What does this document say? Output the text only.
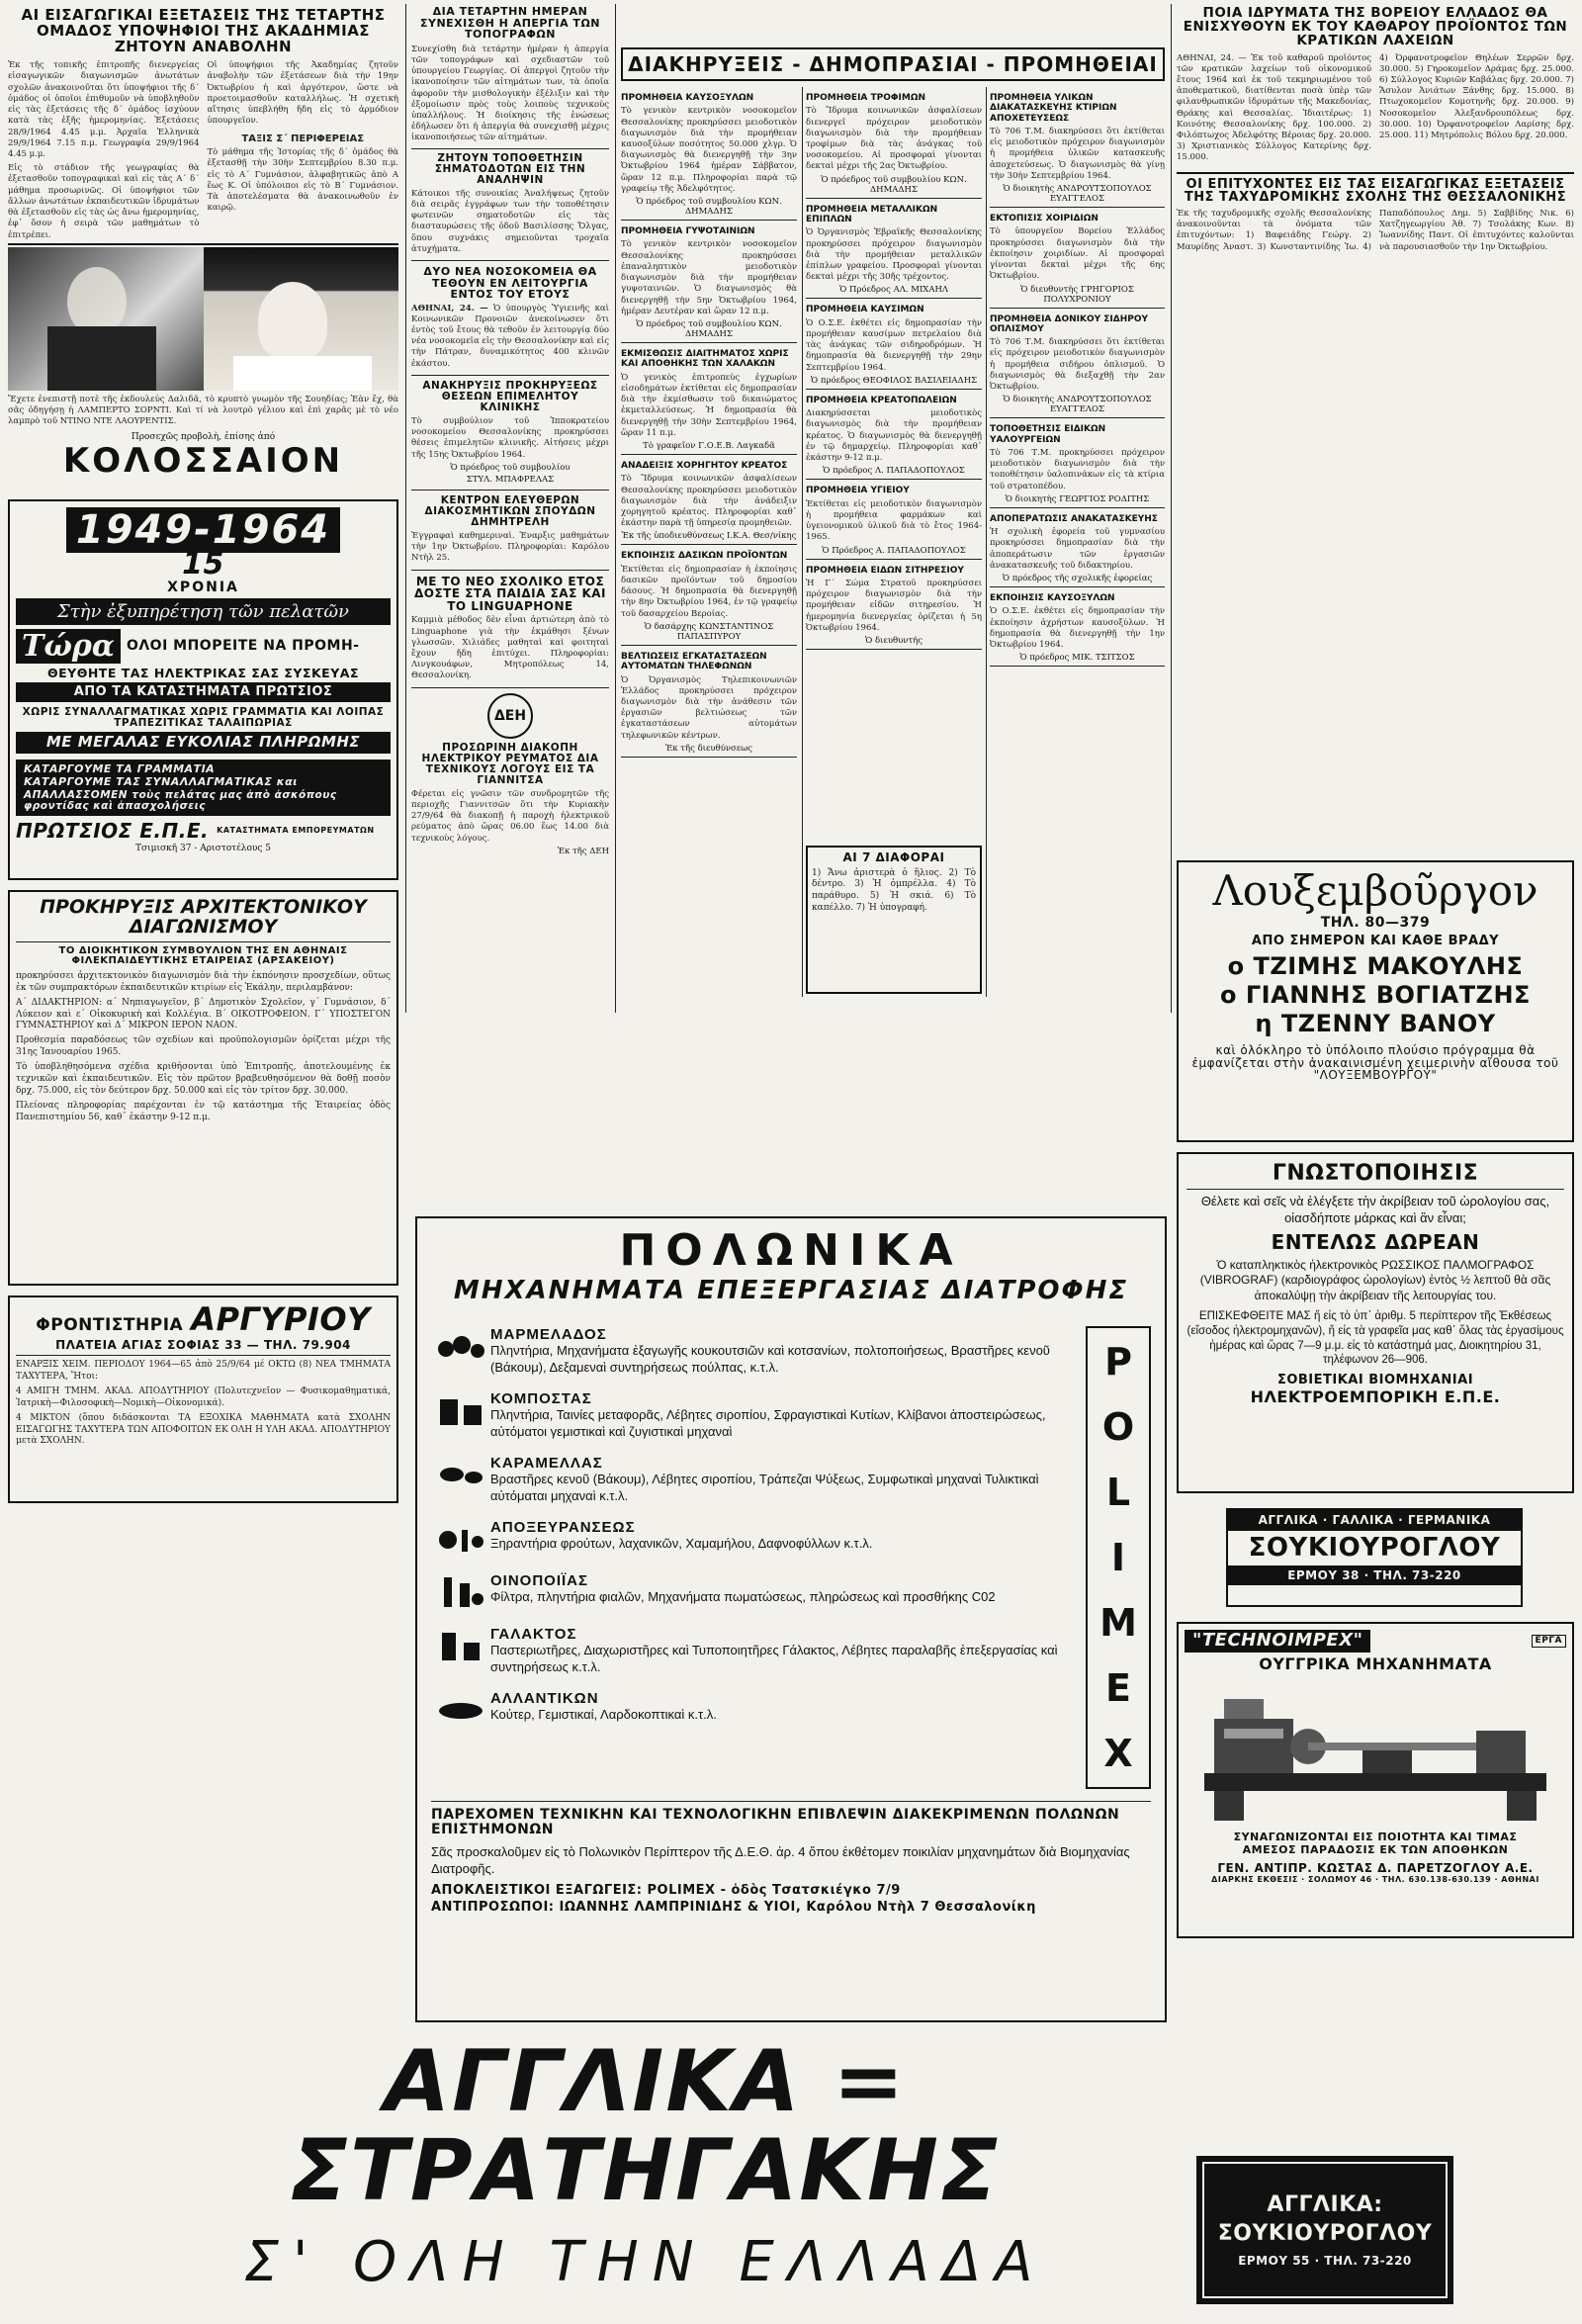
ΑΙ ΕΙΣΑΓΩΓΙΚΑΙ ΕΞΕΤΑΣΕΙΣ ΤΗΣ ΤΕΤΑΡΤΗΣ ΟΜΑΔΟΣ ΥΠΟΨΗΦΙΟΙ ΤΗΣ ΑΚΑΔΗΜΙΑΣ ΖΗΤΟΥΝ ΑΝΑΒΟΛΗΝ

Ἐκ τῆς τοπικῆς ἐπιτροπῆς διενεργείας εἰσαγωγικῶν διαγωνισμῶν ἀνωτάτων σχολῶν ἀνακοινοῦται ὅτι ὑποψήφιοι τῆς δ΄ ὁμάδος οἱ ὁποῖοι ἐπιθυμοῦν νὰ ὑποβληθοῦν εἰς τὰς ἐξετάσεις τῆς δ΄ ὁμάδος ἰσχύουν κατὰ τὰς ἑξῆς ἡμερομηνίας. Ἐξετάσεις 28/9/1964 4.45 μ.μ. Ἀρχαῖα Ἑλληνικὰ 29/9/1964 7.15 π.μ. Γεωγραφία 29/9/1964 4.45 μ.μ.

Εἰς τὸ στάδιον τῆς γεωγραφίας θὰ ἐξετασθοῦν τοπογραφικαὶ καὶ εἰς τὰς Α΄ δ΄ μάθημα προσωρινῶς. Οἱ ὑποψήφιοι τῶν ἄλλων ἀνωτάτων ἐκπαιδευτικῶν ἱδρυμάτων θὰ ἐξετασθοῦν εἰς τὰς ὡς ἄνω ἡμερομηνίας, ἐφ᾽ ὅσον ἡ σειρὰ τῶν μαθημάτων τὸ ἐπιτρέπει.

Οἱ ὑποψήφιοι τῆς Ἀκαδημίας ζητοῦν ἀναβολὴν τῶν ἐξετάσεων διὰ τὴν 19ην Ὀκτωβρίου ἡ καὶ ἀργότερον, ὥστε νὰ προετοιμασθοῦν καταλλήλως. Ἡ σχετικὴ αἴτησις ὑπεβλήθη ἤδη εἰς τὸ ἁρμόδιον ὑπουργεῖον.

ΤΑΞΙΣ Σ΄ ΠΕΡΙΦΕΡΕΙΑΣ

Τὸ μάθημα τῆς Ἱστορίας τῆς δ΄ ὁμάδος θὰ ἐξετασθῇ τὴν 30ὴν Σεπτεμβρίου 8.30 π.μ. εἰς τὸ Α΄ Γυμνάσιον, ἀλφαβητικῶς ἀπὸ Α ἕως Κ. Οἱ ὑπόλοιποι εἰς τὸ Β΄ Γυμνάσιον. Τὰ ἀποτελέσματα θὰ ἀνακοινωθοῦν ἐν καιρῷ.

Ἔχετε ἐνεπιστῇ ποτὲ τῆς ἐκδουλεύς Δαλιδᾶ, τὸ κρυπτὸ γνωμὸν τῆς Σουηδίας; Ἐὰν ἔχ, θὰ σᾶς ὁδηγήσῃ ἡ ΛΑΜΠΕΡΤΟ ΣΟΡΝΤΙ. Καὶ τί νὰ λουτρὸ γέλιου καὶ ἐπὶ χαρᾶς μὲ τὸ νέο λαμπρὸ τοῦ ΝΤΙΝΟ ΝΤΕ ΛΑΟΥΡΕΝΤΙΣ.
Προσεχῶς προβολὴ, ἐπίσης ἀπό
ΚΟΛΟΣΣΑΙΟΝ
1949-1964
15
ΧΡΟΝΙΑ
Στὴν ἐξυπηρέτηση τῶν πελατῶν
Τώρα ΟΛΟΙ ΜΠΟΡΕΙΤΕ ΝΑ ΠΡΟΜΗ-
ΘΕΥΘΗΤΕ ΤΑΣ ΗΛΕΚΤΡΙΚΑΣ ΣΑΣ ΣΥΣΚΕΥΑΣ
ΑΠΟ ΤΑ ΚΑΤΑΣΤΗΜΑΤΑ ΠΡΩΤΣΙΟΣ
ΧΩΡΙΣ ΣΥΝΑΛΛΑΓΜΑΤΙΚΑΣ ΧΩΡΙΣ ΓΡΑΜΜΑΤΙΑ ΚΑΙ ΛΟΙΠΑΣ ΤΡΑΠΕΖΙΤΙΚΑΣ ΤΑΛΑΙΠΩΡΙΑΣ
ΜΕ ΜΕΓΑΛΑΣ ΕΥΚΟΛΙΑΣ ΠΛΗΡΩΜΗΣ
ΚΑΤΑΡΓΟΥΜΕ ΤΑ ΓΡΑΜΜΑΤΙΑ
ΚΑΤΑΡΓΟΥΜΕ ΤΑΣ ΣΥΝΑΛΛΑΓΜΑΤΙΚΑΣ και
ΑΠΑΛΛΑΣΣΟΜΕΝ τοὺς πελάτας μας ἀπὸ ἀσκόπους φροντίδας καὶ ἀπασχολήσεις
ΠΡΩΤΣΙΟΣ Ε.Π.Ε. ΚΑΤΑΣΤΗΜΑΤΑ ΕΜΠΟΡΕΥΜΑΤΩΝ
Τσιμισκῆ 37 - Αριστοτέλους 5
ΠΡΟΚΗΡΥΞΙΣ ΑΡΧΙΤΕΚΤΟΝΙΚΟΥ ΔΙΑΓΩΝΙΣΜΟΥ
ΤΟ ΔΙΟΙΚΗΤΙΚΟΝ ΣΥΜΒΟΥΛΙΟΝ ΤΗΣ ΕΝ ΑΘΗΝΑΙΣ ΦΙΛΕΚΠΑΙΔΕΥΤΙΚΗΣ ΕΤΑΙΡΕΙΑΣ (ΑΡΣΑΚΕΙΟΥ)

προκηρύσσει ἀρχιτεκτονικὸν διαγωνισμὸν διὰ τὴν ἐκπόνησιν προσχεδίων, οὕτως ἐκ τῶν συμπρακτόρων ἐκπαιδευτικῶν κτιρίων εἰς Ἑκάλην, περιλαμβάνον:

Α΄ ΔΙΔΑΚΤΗΡΙΟΝ: α΄ Νηπιαγωγεῖον, β΄ Δημοτικὸν Σχολεῖον, γ΄ Γυμνάσιον, δ΄ Λύκειον καὶ ε΄ Οἰκοκυρικὴ καὶ Κολλέγια. Β΄ ΟΙΚΟΤΡΟΦΕΙΟΝ. Γ΄ ΥΠΟΣΤΕΓΟΝ ΓΥΜΝΑΣΤΗΡΙΟΥ καὶ Δ΄ ΜΙΚΡΟΝ ΙΕΡΟΝ ΝΑΟΝ.

Προθεσμία παραδόσεως τῶν σχεδίων καὶ προϋπολογισμῶν ὁρίζεται μέχρι τῆς 31ης Ἰανουαρίου 1965.

Τὸ ὑποβληθησόμενα σχέδια κριθήσονται ὑπὸ Ἐπιτροπῆς, ἀποτελουμένης ἐκ τεχνικῶν καὶ ἐκπαιδευτικῶν. Εἰς τὸν πρῶτον βραβευθησόμενον θὰ δοθῇ ποσὸν δρχ. 75.000, εἰς τὸν δεύτερον δρχ. 50.000 καὶ εἰς τὸν τρίτον δρχ. 30.000.

Πλείονας πληροφορίας παρέχονται ἐν τῷ κατάστημα τῆς Ἑταιρείας ὁδὸς Πανεπιστημίου 56, καθ᾽ ἑκάστην 9-12 π.μ.

ΦΡΟΝΤΙΣΤΗΡΙΑ ΑΡΓΥΡΙΟΥ
ΠΛΑΤΕΙΑ ΑΓΙΑΣ ΣΟΦΙΑΣ 33 — ΤΗΛ. 79.904

ΕΝΑΡΞΙΣ ΧΕΙΜ. ΠΕΡΙΟΔΟΥ 1964—65 ἀπὸ 25/9/64 μέ ΟΚΤΩ (8) ΝΕΑ ΤΜΗΜΑΤΑ ΤΑΧΥΤΕΡΑ, Ἤτοι:

4 ΑΜΙΓΗ ΤΜΗΜ. ΑΚΑΔ. ΑΠΟΔΥΤΗΡΙΟΥ (Πολυτεχνεῖον — Φυσικομαθηματικά, Ἰατρικὴ—Φιλοσοφικὴ—Νομικὴ—Οἰκονομικά).

4 ΜΙΚΤΟΝ (ὅπου διδάσκονται ΤΑ ΕΞΟΧΙΚΑ ΜΑΘΗΜΑΤΑ κατὰ ΣΧΟΛΗΝ ΕΙΣΑΓΩΓΗΣ ΤΑΧΥΤΕΡΑ ΤΩΝ ΑΠΟΦΟΙΤΩΝ ΕΚ ΟΛΗ Η ΥΛΗ ΑΚΑΔ. ΑΠΟΔΥΤΗΡΙΟΥ μετὰ ΣΧΟΛΗΝ.

ΔΙΑ ΤΕΤΑΡΤΗΝ ΗΜΕΡΑΝ ΣΥΝΕΧΙΣΘΗ Η ΑΠΕΡΓΙΑ ΤΩΝ ΤΟΠΟΓΡΑΦΩΝ
Συνεχίσθη διὰ τετάρτην ἡμέραν ἡ ἀπεργία τῶν τοπογράφων καὶ σχεδιαστῶν τοῦ ὑπουργείου Γεωργίας. Οἱ ἀπεργοὶ ζητοῦν τὴν ἱκανοποίησιν τῶν αἰτημάτων των, τὰ ὁποῖα ἀφοροῦν τὴν μισθολογικὴν ἐξέλιξιν καὶ τὴν ἐξομοίωσιν πρὸς τοὺς λοιποὺς τεχνικοὺς ὑπαλλήλους. Ἡ διοίκησις τῆς ἑνώσεως ἐδήλωσεν ὅτι ἡ ἀπεργία θὰ συνεχισθῇ μέχρις ἱκανοποιήσεως τῶν αἰτημάτων.
ΖΗΤΟΥΝ ΤΟΠΟΘΕΤΗΣΙΝ ΣΗΜΑΤΟΔΟΤΩΝ ΕΙΣ ΤΗΝ ΑΝΑΛΗΨΙΝ
Κάτοικοι τῆς συνοικίας Ἀναλήψεως ζητοῦν διὰ σειρᾶς ἐγγράφων των τὴν τοποθέτησιν φωτεινῶν σηματοδοτῶν εἰς τὰς διασταυρώσεις τῆς ὁδοῦ Βασιλίσσης Ὄλγας, ὅπου συχνάκις σημειοῦνται τροχαῖα ἀτυχήματα.
ΔΥΟ ΝΕΑ ΝΟΣΟΚΟΜΕΙΑ ΘΑ ΤΕΘΟΥΝ ΕΝ ΛΕΙΤΟΥΡΓΙΑ ΕΝΤΟΣ ΤΟΥ ΕΤΟΥΣ
ΑΘΗΝΑΙ, 24. — Ὁ ὑπουργὸς Ὑγιεινῆς καὶ Κοινωνικῶν Προνοιῶν ἀνεκοίνωσεν ὅτι ἐντὸς τοῦ ἔτους θὰ τεθοῦν ἐν λειτουργίᾳ δύο νέα νοσοκομεῖα εἰς τὴν Θεσσαλονίκην καὶ εἰς τὴν Πάτραν, δυναμικότητος 400 κλινῶν ἑκάστου.
ΑΝΑΚΗΡΥΞΙΣ ΠΡΟΚΗΡΥΞΕΩΣ ΘΕΣΕΩΝ ΕΠΙΜΕΛΗΤΟΥ ΚΛΙΝΙΚΗΣ
Τὸ συμβούλιον τοῦ Ἰπποκρατείου νοσοκομείου Θεσσαλονίκης προκηρύσσει θέσεις ἐπιμελητῶν κλινικῆς. Αἰτήσεις μέχρι τῆς 15ης Ὀκτωβρίου 1964.
Ὁ πρόεδρος τοῦ συμβουλίου
ΣΤΥΛ. ΜΠΑΦΡΕΛΑΣ
ΚΕΝΤΡΟΝ ΕΛΕΥΘΕΡΩΝ ΔΙΑΚΟΣΜΗΤΙΚΩΝ ΣΠΟΥΔΩΝ ΔΗΜΗΤΡΕΛΗ
Ἐγγραφαὶ καθημεριναὶ. Ἐναρξις μαθημάτων τὴν 1ην Ὀκτωβρίου. Πληροφορίαι: Καρόλου Ντὴλ 25.
ΜΕ ΤΟ ΝΕΟ ΣΧΟΛΙΚΟ ΕΤΟΣ ΔΟΣΤΕ ΣΤΑ ΠΑΙΔΙΑ ΣΑΣ ΚΑΙ ΤΟ LINGUAPHONE
Καμμιὰ μέθοδος δὲν εἶναι ἀρτιώτερη ἀπὸ τὸ Linguaphone γιὰ τὴν ἐκμάθησι ξένων γλωσσῶν. Χιλιάδες μαθηταὶ καὶ φοιτηταὶ ἔχουν ἤδη ἐπιτύχει. Πληροφορίαι: Λινγκουάφων, Μητροπόλεως 14, Θεσσαλονίκη.
ΔΕΗ
ΠΡΟΣΩΡΙΝΗ ΔΙΑΚΟΠΗ ΗΛΕΚΤΡΙΚΟΥ ΡΕΥΜΑΤΟΣ ΔΙΑ ΤΕΧΝΙΚΟΥΣ ΛΟΓΟΥΣ ΕΙΣ ΤΑ ΓΙΑΝΝΙΤΣΑ
Φέρεται εἰς γνῶσιν τῶν συνδρομητῶν τῆς περιοχῆς Γιαννιτσῶν ὅτι τὴν Κυριακὴν 27/9/64 θὰ διακοπῇ ἡ παροχὴ ἠλεκτρικοῦ ρεύματος ἀπὸ ὥρας 06.00 ἕως 14.00 διὰ τεχνικοὺς λόγους.
Ἐκ τῆς ΔΕΗ
ΔΙΑΚΗΡΥΞΕΙΣ - ΔΗΜΟΠΡΑΣΙΑΙ - ΠΡΟΜΗΘΕΙΑΙ
ΠΡΟΜΗΘΕΙΑ ΚΑΥΣΟΞΥΛΩΝ
Τὸ γενικὸν κεντρικὸν νοσοκομεῖον Θεσσαλονίκης προκηρύσσει μειοδοτικὸν διαγωνισμὸν διὰ τὴν προμήθειαν καυσοξύλων ποσότητος 50.000 χλγρ. Ὁ διαγωνισμὸς θὰ διενεργηθῇ τὴν 3ην Ὀκτωβρίου 1964 ἡμέραν Σάββατον, ὥραν 12 π.μ. Πληροφορίαι παρὰ τῷ γραφείῳ τῆς Ἀδελφότητος.
Ὁ πρόεδρος τοῦ συμβουλίου ΚΩΝ. ΔΗΜΑΔΗΣ
ΠΡΟΜΗΘΕΙΑ ΓΥΨΟΤΑΙΝΙΩΝ
Τὸ γενικὸν κεντρικὸν νοσοκομεῖον Θεσσαλονίκης προκηρύσσει ἐπαναληπτικὸν μειοδοτικὸν διαγωνισμὸν διὰ τὴν προμήθειαν γυψοταινιῶν. Ὁ διαγωνισμὸς θὰ διενεργηθῇ τὴν 5ην Ὀκτωβρίου 1964, ἡμέραν Δευτέραν καὶ ὥραν 12 π.μ.
Ὁ πρόεδρος τοῦ συμβουλίου ΚΩΝ. ΔΗΜΑΔΗΣ
ΕΚΜΙΣΘΩΣΙΣ ΔΙΑΙΤΗΜΑΤΟΣ ΧΩΡΙΣ ΚΑΙ ΑΠΟΘΗΚΗΣ ΤΩΝ ΧΑΛΑΚΩΝ
Ὁ γενικὸς ἐπιτροπεὺς ἐγχωρίων εἰσοδημάτων ἐκτίθεται εἰς δημοπρασίαν διὰ τὴν ἐκμίσθωσιν τοῦ δικαιώματος ἐκμεταλλεύσεως. Ἡ δημοπρασία θὰ διενεργηθῇ τὴν 30ὴν Σεπτεμβρίου 1964, ὥραν 11 π.μ.
Τὸ γραφεῖον Γ.Ο.Ε.Β. Λαγκαδᾶ
ΑΝΑΔΕΙΞΙΣ ΧΟΡΗΓΗΤΟΥ ΚΡΕΑΤΟΣ
Τὸ Ἵδρυμα κοινωνικῶν ἀσφαλίσεων Θεσσαλονίκης προκηρύσσει μειοδοτικὸν διαγωνισμὸν διὰ τὴν ἀνάδειξιν χορηγητοῦ κρέατος. Πληροφορίαι καθ᾽ ἑκάστην παρὰ τῇ ὑπηρεσίᾳ προμηθειῶν.
Ἐκ τῆς ὑποδιευθύνσεως Ι.Κ.Α. Θεσ/νίκης
ΕΚΠΟΙΗΣΙΣ ΔΑΣΙΚΩΝ ΠΡΟΪΟΝΤΩΝ
Ἐκτίθεται εἰς δημοπρασίαν ἡ ἐκποίησις δασικῶν προϊόντων τοῦ δημοσίου δάσους. Ἡ δημοπρασία θὰ διενεργηθῇ τὴν 8ην Ὀκτωβρίου 1964, ἐν τῷ γραφείῳ τοῦ δασαρχείου Βεροίας.
Ὁ δασάρχης ΚΩΝΣΤΑΝΤΙΝΟΣ ΠΑΠΑΣΠΥΡΟΥ
ΒΕΛΤΙΩΣΕΙΣ ΕΓΚΑΤΑΣΤΑΣΕΩΝ ΑΥΤΟΜΑΤΩΝ ΤΗΛΕΦΩΝΩΝ
Ὁ Ὀργανισμὸς Τηλεπικοινωνιῶν Ἑλλάδος προκηρύσσει πρόχειρον διαγωνισμὸν διὰ τὴν ἀνάθεσιν τῶν ἐργασιῶν βελτιώσεως τῶν ἐγκαταστάσεων αὐτομάτων τηλεφωνικῶν κέντρων.
Ἐκ τῆς διευθύνσεως
ΠΡΟΜΗΘΕΙΑ ΤΡΟΦΙΜΩΝ
Τὸ Ἵδρυμα κοινωνικῶν ἀσφαλίσεων διενεργεῖ πρόχειρον μειοδοτικὸν διαγωνισμὸν διὰ τὴν προμήθειαν τροφίμων διὰ τὰς ἀνάγκας τοῦ νοσοκομείου. Αἱ προσφοραὶ γίνονται δεκταὶ μέχρι τῆς 2ας Ὀκτωβρίου.
Ὁ πρόεδρος τοῦ συμβουλίου ΚΩΝ. ΔΗΜΑΔΗΣ
ΠΡΟΜΗΘΕΙΑ ΜΕΤΑΛΛΙΚΩΝ ΕΠΙΠΛΩΝ
Ὁ Ὀργανισμὸς Ἑβραϊκῆς Θεσσαλονίκης προκηρύσσει πρόχειρον διαγωνισμὸν διὰ τὴν προμήθειαν μεταλλικῶν ἐπίπλων γραφείου. Προσφοραὶ γίνονται δεκταὶ μέχρι τῆς 30ῆς τρέχοντος.
Ὁ Πρόεδρος ΑΛ. ΜΙΧΑΗΛ
ΠΡΟΜΗΘΕΙΑ ΚΑΥΣΙΜΩΝ
Ὁ Ο.Σ.Ε. ἐκθέτει εἰς δημοπρασίαν τὴν προμήθειαν καυσίμων πετρελαίου διὰ τὰς ἀνάγκας τῶν σιδηροδρόμων. Ἡ δημοπρασία θὰ διενεργηθῇ τὴν 29ην Σεπτεμβρίου 1964.
Ὁ πρόεδρος ΘΕΟΦΙΛΟΣ ΒΑΣΙΛΕΙΑΔΗΣ
ΠΡΟΜΗΘΕΙΑ ΚΡΕΑΤΟΠΩΛΕΙΩΝ
Διακηρύσσεται μειοδοτικὸς διαγωνισμὸς διὰ τὴν προμήθειαν κρέατος. Ὁ διαγωνισμὸς θὰ διενεργηθῇ ἐν τῷ δημαρχείῳ. Πληροφορίαι καθ᾽ ἑκάστην 9-12 π.μ.
Ὁ πρόεδρος Λ. ΠΑΠΑΔΟΠΟΥΛΟΣ
ΠΡΟΜΗΘΕΙΑ ΥΓΙΕΙΟΥ
Ἐκτίθεται εἰς μειοδοτικὸν διαγωνισμὸν ἡ προμήθεια φαρμάκων καὶ ὑγειονομικοῦ ὑλικοῦ διὰ τὸ ἔτος 1964-1965.
Ὁ Πρόεδρος Α. ΠΑΠΑΔΟΠΟΥΛΟΣ
ΠΡΟΜΗΘΕΙΑ ΕΙΔΩΝ ΣΙΤΗΡΕΣΙΟΥ
Ἡ Γ΄ Σώμα Στρατοῦ προκηρύσσει πρόχειρον διαγωνισμὸν διὰ τὴν προμήθειαν εἰδῶν σιτηρεσίου. Ἡ ἡμερομηνία διενεργείας ὁρίζεται ἡ 5η Ὀκτωβρίου 1964.
Ὁ διευθυντής
ΠΡΟΜΗΘΕΙΑ ΥΛΙΚΩΝ ΔΙΑΚΑΤΑΣΚΕΥΗΣ ΚΤΙΡΙΩΝ ΑΠΟΧΕΤΕΥΣΕΩΣ
Τὸ 706 Τ.Μ. διακηρύσσει ὅτι ἐκτίθεται εἰς μειοδοτικὸν πρόχειρον διαγωνισμὸν ἡ προμήθεια ὑλικῶν κατασκευῆς ἀποχετεύσεως. Ὁ διαγωνισμὸς θὰ γίνῃ τὴν 30ὴν Σεπτεμβρίου 1964.
Ὁ διοικητὴς ΑΝΔΡΟΥΤΣΟΠΟΥΛΟΣ ΕΥΑΓΓΕΛΟΣ
ΕΚΤΟΠΙΣΙΣ ΧΟΙΡΙΔΙΩΝ
Τὸ ὑπουργεῖον Βορείου Ἑλλάδος προκηρύσσει διαγωνισμὸν διὰ τὴν ἐκποίησιν χοιριδίων. Αἱ προσφοραὶ γίνονται δεκταὶ μέχρι τῆς 6ης Ὀκτωβρίου.
Ὁ διευθυντὴς ΓΡΗΓΟΡΙΟΣ ΠΟΛΥΧΡΟΝΙΟΥ
ΠΡΟΜΗΘΕΙΑ ΔΟΝΙΚΟΥ ΣΙΔΗΡΟΥ ΟΠΛΙΣΜΟΥ
Τὸ 706 Τ.Μ. διακηρύσσει ὅτι ἐκτίθεται εἰς πρόχειρον μειοδοτικὸν διαγωνισμὸν ἡ προμήθεια σιδήρου ὁπλισμοῦ. Ὁ διαγωνισμὸς θὰ διεξαχθῇ τὴν 2αν Ὀκτωβρίου.
Ὁ διοικητὴς ΑΝΔΡΟΥΤΣΟΠΟΥΛΟΣ ΕΥΑΓΓΕΛΟΣ
ΤΟΠΟΘΕΤΗΣΙΣ ΕΙΔΙΚΩΝ ΥΑΛΟΥΡΓΕΙΩΝ
Τὸ 706 Τ.Μ. προκηρύσσει πρόχειρον μειοδοτικὸν διαγωνισμὸν διὰ τὴν τοποθέτησιν ὑαλοπινάκων εἰς τὰ κτίρια τοῦ στρατοπέδου.
Ὁ διοικητὴς ΓΕΩΡΓΙΟΣ ΡΟΔΙΤΗΣ
ΑΠΟΠΕΡΑΤΩΣΙΣ ΑΝΑΚΑΤΑΣΚΕΥΗΣ
Ἡ σχολικὴ ἐφορεία τοῦ γυμνασίου προκηρύσσει δημοπρασίαν διὰ τὴν ἀποπεράτωσιν τῶν ἐργασιῶν ἀνακατασκευῆς τοῦ διδακτηρίου.
Ὁ πρόεδρος τῆς σχολικῆς ἐφορείας
ΕΚΠΟΙΗΣΙΣ ΚΑΥΣΟΞΥΛΩΝ
Ὁ Ο.Σ.Ε. ἐκθέτει εἰς δημοπρασίαν τὴν ἐκποίησιν ἀχρήστων καυσοξύλων. Ἡ δημοπρασία θὰ διενεργηθῇ τὴν 1ην Ὀκτωβρίου 1964.
Ὁ πρόεδρος ΜΙΚ. ΤΣΙΤΣΟΣ
ΑΙ 7 ΔΙΑΦΟΡΑΙ
1) Ἄνω ἀριστερὰ ὁ ἥλιος. 2) Τὸ δέντρο. 3) Ἡ ὀμπρέλλα. 4) Τὸ παράθυρο. 5) Ἡ σκιά. 6) Τὸ καπέλλο. 7) Ἡ ὑπογραφή.
ΠΟΙΑ ΙΔΡΥΜΑΤΑ ΤΗΣ ΒΟΡΕΙΟΥ ΕΛΛΑΔΟΣ ΘΑ ΕΝΙΣΧΥΘΟΥΝ ΕΚ ΤΟΥ ΚΑΘΑΡΟΥ ΠΡΟΪΟΝΤΟΣ ΤΩΝ ΚΡΑΤΙΚΩΝ ΛΑΧΕΙΩΝ
ΑΘΗΝΑΙ, 24. — Ἐκ τοῦ καθαροῦ προϊόντος τῶν κρατικῶν λαχείων τοῦ οἰκονομικοῦ ἔτους 1964 καὶ ἐκ τοῦ τεκμηριωμένου τοῦ ἀποθεματικοῦ, διατίθενται ποσὰ ὑπὲρ τῶν φιλανθρωπικῶν ἱδρυμάτων τῆς Μακεδονίας, Θράκης καὶ Θεσσαλίας. Ἰδιαιτέρως: 1) Κοινότης Θεσσαλονίκης δρχ. 100.000. 2) Φιλόπτωχος Ἀδελφότης Βέροιας δρχ. 20.000. 3) Χριστιανικὸς Σύλλογος Κατερίνης δρχ. 15.000.
4) Ὀρφανοτροφεῖον Θηλέων Σερρῶν δρχ. 30.000. 5) Γηροκομεῖον Δράμας δρχ. 25.000. 6) Σύλλογος Κυριῶν Καβάλας δρχ. 20.000. 7) Ἄσυλον Ἀνιάτων Ξάνθης δρχ. 15.000. 8) Πτωχοκομεῖον Κομοτηνῆς δρχ. 20.000. 9) Νοσοκομεῖον Ἀλεξανδρουπόλεως δρχ. 30.000. 10) Ὀρφανοτροφεῖον Λαρίσης δρχ. 25.000. 11) Μητρόπολις Βόλου δρχ. 20.000.
ΟΙ ΕΠΙΤΥΧΟΝΤΕΣ ΕΙΣ ΤΑΣ ΕΙΣΑΓΩΓΙΚΑΣ ΕΞΕΤΑΣΕΙΣ ΤΗΣ ΤΑΧΥΔΡΟΜΙΚΗΣ ΣΧΟΛΗΣ ΤΗΣ ΘΕΣΣΑΛΟΝΙΚΗΣ
Ἐκ τῆς ταχυδρομικῆς σχολῆς Θεσσαλονίκης ἀνακοινοῦνται τὰ ὀνόματα τῶν ἐπιτυχόντων: 1) Βαφειάδης Γεώργ. 2) Μαυρίδης Ἀναστ. 3) Κωνσταντινίδης Ἰω. 4) Παπαδόπουλος Δημ. 5) Σαββίδης Νικ. 6) Χατζηγεωργίου Ἀθ. 7) Τσολάκης Κων. 8) Ἰωαννίδης Παντ. Οἱ ἐπιτυχόντες καλοῦνται νὰ παρουσιασθοῦν τὴν 1ην Ὀκτωβρίου.
Λουξεμβοῦργον
ΤΗΛ. 80—379
ΑΠΟ ΣΗΜΕΡΟΝ ΚΑΙ ΚΑΘΕ ΒΡΑΔΥ
ο ΤΖΙΜΗΣ ΜΑΚΟΥΛΗΣ
ο ΓΙΑΝΝΗΣ ΒΟΓΙΑΤΖΗΣ
η ΤΖΕΝΝΥ ΒΑΝΟΥ
καὶ ὁλόκληρο τὸ ὑπόλοιπο πλούσιο πρόγραμμα θὰ ἐμφανίζεται στὴν ἀνακαινισμένη χειμερινὴν αἴθουσα τοῦ "ΛΟΥΞΕΜΒΟΥΡΓΟΥ"
ΓΝΩΣΤΟΠΟΙΗΣΙΣ
Θέλετε καὶ σεῖς νὰ ἐλέγξετε τὴν ἀκρίβειαν τοῦ ὡρολογίου σας, οἱασδήποτε μάρκας καὶ ἂν εἶναι;
ΕΝΤΕΛΩΣ ΔΩΡΕΑΝ
Ὁ καταπληκτικὸς ἠλεκτρονικὸς ΡΩΣΣΙΚΟΣ ΠΑΛΜΟΓΡΑΦΟΣ (VIBROGRAF) (καρδιογράφος ὡρολογίων) ἐντὸς ½ λεπτοῦ θὰ σᾶς ἀποκαλύψῃ τὴν ἀκρίβειαν τῆς λειτουργίας του.
ΕΠΙΣΚΕΦΘΕΙΤΕ ΜΑΣ ἤ εἰς τὸ ὑπ᾽ ἀριθμ. 5 περίπτερον τῆς Ἐκθέσεως (εἴσοδος ἠλεκτρομηχανῶν), ἤ εἰς τὰ γραφεῖα μας καθ᾽ ὅλας τὰς ἐργασίμους ἡμέρας καὶ ὥρας 7—9 μ.μ. εἰς τὸ κατάστημά μας, Διοικητηρίου 31, τηλέφωνον 26—906.
ΣΟΒΙΕΤΙΚΑΙ ΒΙΟΜΗΧΑΝΙΑΙ
ΗΛΕΚΤΡΟΕΜΠΟΡΙΚΗ Ε.Π.Ε.
ΑΓΓΛΙΚΑ · ΓΑΛΛΙΚΑ · ΓΕΡΜΑΝΙΚΑ
ΣΟΥΚΙΟΥΡΟΓΛΟΥ
ΕΡΜΟΥ 38 · ΤΗΛ. 73-220
"TECHNOIMPEX"	ΕΡΓΑ
ΟΥΓΓΡΙΚΑ ΜΗΧΑΝΗΜΑΤΑ
ΣΥΝΑΓΩΝΙΖΟΝΤΑΙ ΕΙΣ ΠΟΙΟΤΗΤΑ ΚΑΙ ΤΙΜΑΣ
ΑΜΕΣΟΣ ΠΑΡΑΔΟΣΙΣ ΕΚ ΤΩΝ ΑΠΟΘΗΚΩΝ
ΓΕΝ. ΑΝΤΙΠΡ. ΚΩΣΤΑΣ Δ. ΠΑΡΕΤΖΟΓΛΟΥ Α.Ε.
ΔΙΑΡΚΗΣ ΕΚΘΕΣΙΣ · ΣΟΛΩΜΟΥ 46 · ΤΗΛ. 630.138-630.139 · ΑΘΗΝΑΙ
ΑΓΓΛΙΚΑ:
ΣΟΥΚΙΟΥΡΟΓΛΟΥ
ΕΡΜΟΥ 55 · ΤΗΛ. 73-220
ΠΟΛΩΝΙΚΑ
ΜΗΧΑΝΗΜΑΤΑ ΕΠΕΞΕΡΓΑΣΙΑΣ ΔΙΑΤΡΟΦΗΣ
ΜΑΡΜΕΛΑΔΟΣ
Πληντήρια, Μηχανήματα ἐξαγωγῆς κουκουτσιῶν καὶ κοτσανίων, πολτοποιήσεως, Βραστῆρες κενοῦ (Βάκουμ), Δεξαμεναὶ συντηρήσεως πούλπας, κ.τ.λ.
ΚΟΜΠΟΣΤΑΣ
Πληντήρια, Ταινίες μεταφορᾶς, Λέβητες σιροπίου, Σφραγιστικαὶ Κυτίων, Κλίβανοι ἀποστειρώσεως, αὐτόματοι γεμιστικαὶ καὶ ζυγιστικαὶ μηχαναὶ
ΚΑΡΑΜΕΛΛΑΣ
Βραστῆρες κενοῦ (Βάκουμ), Λέβητες σιροπίου, Τράπεζαι Ψύξεως, Συμφωτικαὶ μηχαναὶ Τυλικτικαὶ αὐτόμαται μηχαναὶ κ.τ.λ.
ΑΠΟΞΕΥΡΑΝΣΕΩΣ
Ξηραντήρια φρούτων, λαχανικῶν, Χαμαμήλου, Δαφνοφύλλων κ.τ.λ.
ΟΙΝΟΠΟΙΪΑΣ
Φίλτρα, πληντήρια φιαλῶν, Μηχανήματα πωματώσεως, πληρώσεως καὶ προσθήκης C02
ΓΑΛΑΚΤΟΣ
Παστεριωτῆρες, Διαχωριστῆρες καὶ Τυποποιητῆρες Γάλακτος, Λέβητες παραλαβῆς ἐπεξεργασίας καὶ συντηρήσεως κ.τ.λ.
ΑΛΛΑΝΤΙΚΩΝ
Κούτερ, Γεμιστικαί, Λαρδοκοπτικαὶ κ.τ.λ.
P
O
L
I
M
E
X
ΠΑΡΕΧΟΜΕΝ ΤΕΧΝΙΚΗΝ ΚΑΙ ΤΕΧΝΟΛΟΓΙΚΗΝ ΕΠΙΒΛΕΨΙΝ ΔΙΑΚΕΚΡΙΜΕΝΩΝ ΠΟΛΩΝΩΝ ΕΠΙΣΤΗΜΟΝΩΝ
Σᾶς προσκαλοῦμεν εἰς τὸ Πολωνικὸν Περίπτερον τῆς Δ.Ε.Θ. ἀρ. 4 ὅπου ἐκθέτομεν ποικιλίαν μηχανημάτων διὰ Βιομηχανίας Διατροφῆς.
ΑΠΟΚΛΕΙΣΤΙΚΟΙ ΕΞΑΓΩΓΕΙΣ: POLIMEX - ὁδὸς Τσατσκιέγκο 7/9
ΑΝΤΙΠΡΟΣΩΠΟΙ: ΙΩΑΝΝΗΣ ΛΑΜΠΡΙΝΙΔΗΣ & ΥΙΟΙ, Καρόλου Ντὴλ 7 Θεσσαλονίκη
ΑΓΓΛΙΚΑ = ΣΤΡΑΤΗΓΑΚΗΣ
Σ' ΟΛΗ ΤΗΝ ΕΛΛΑΔΑ
